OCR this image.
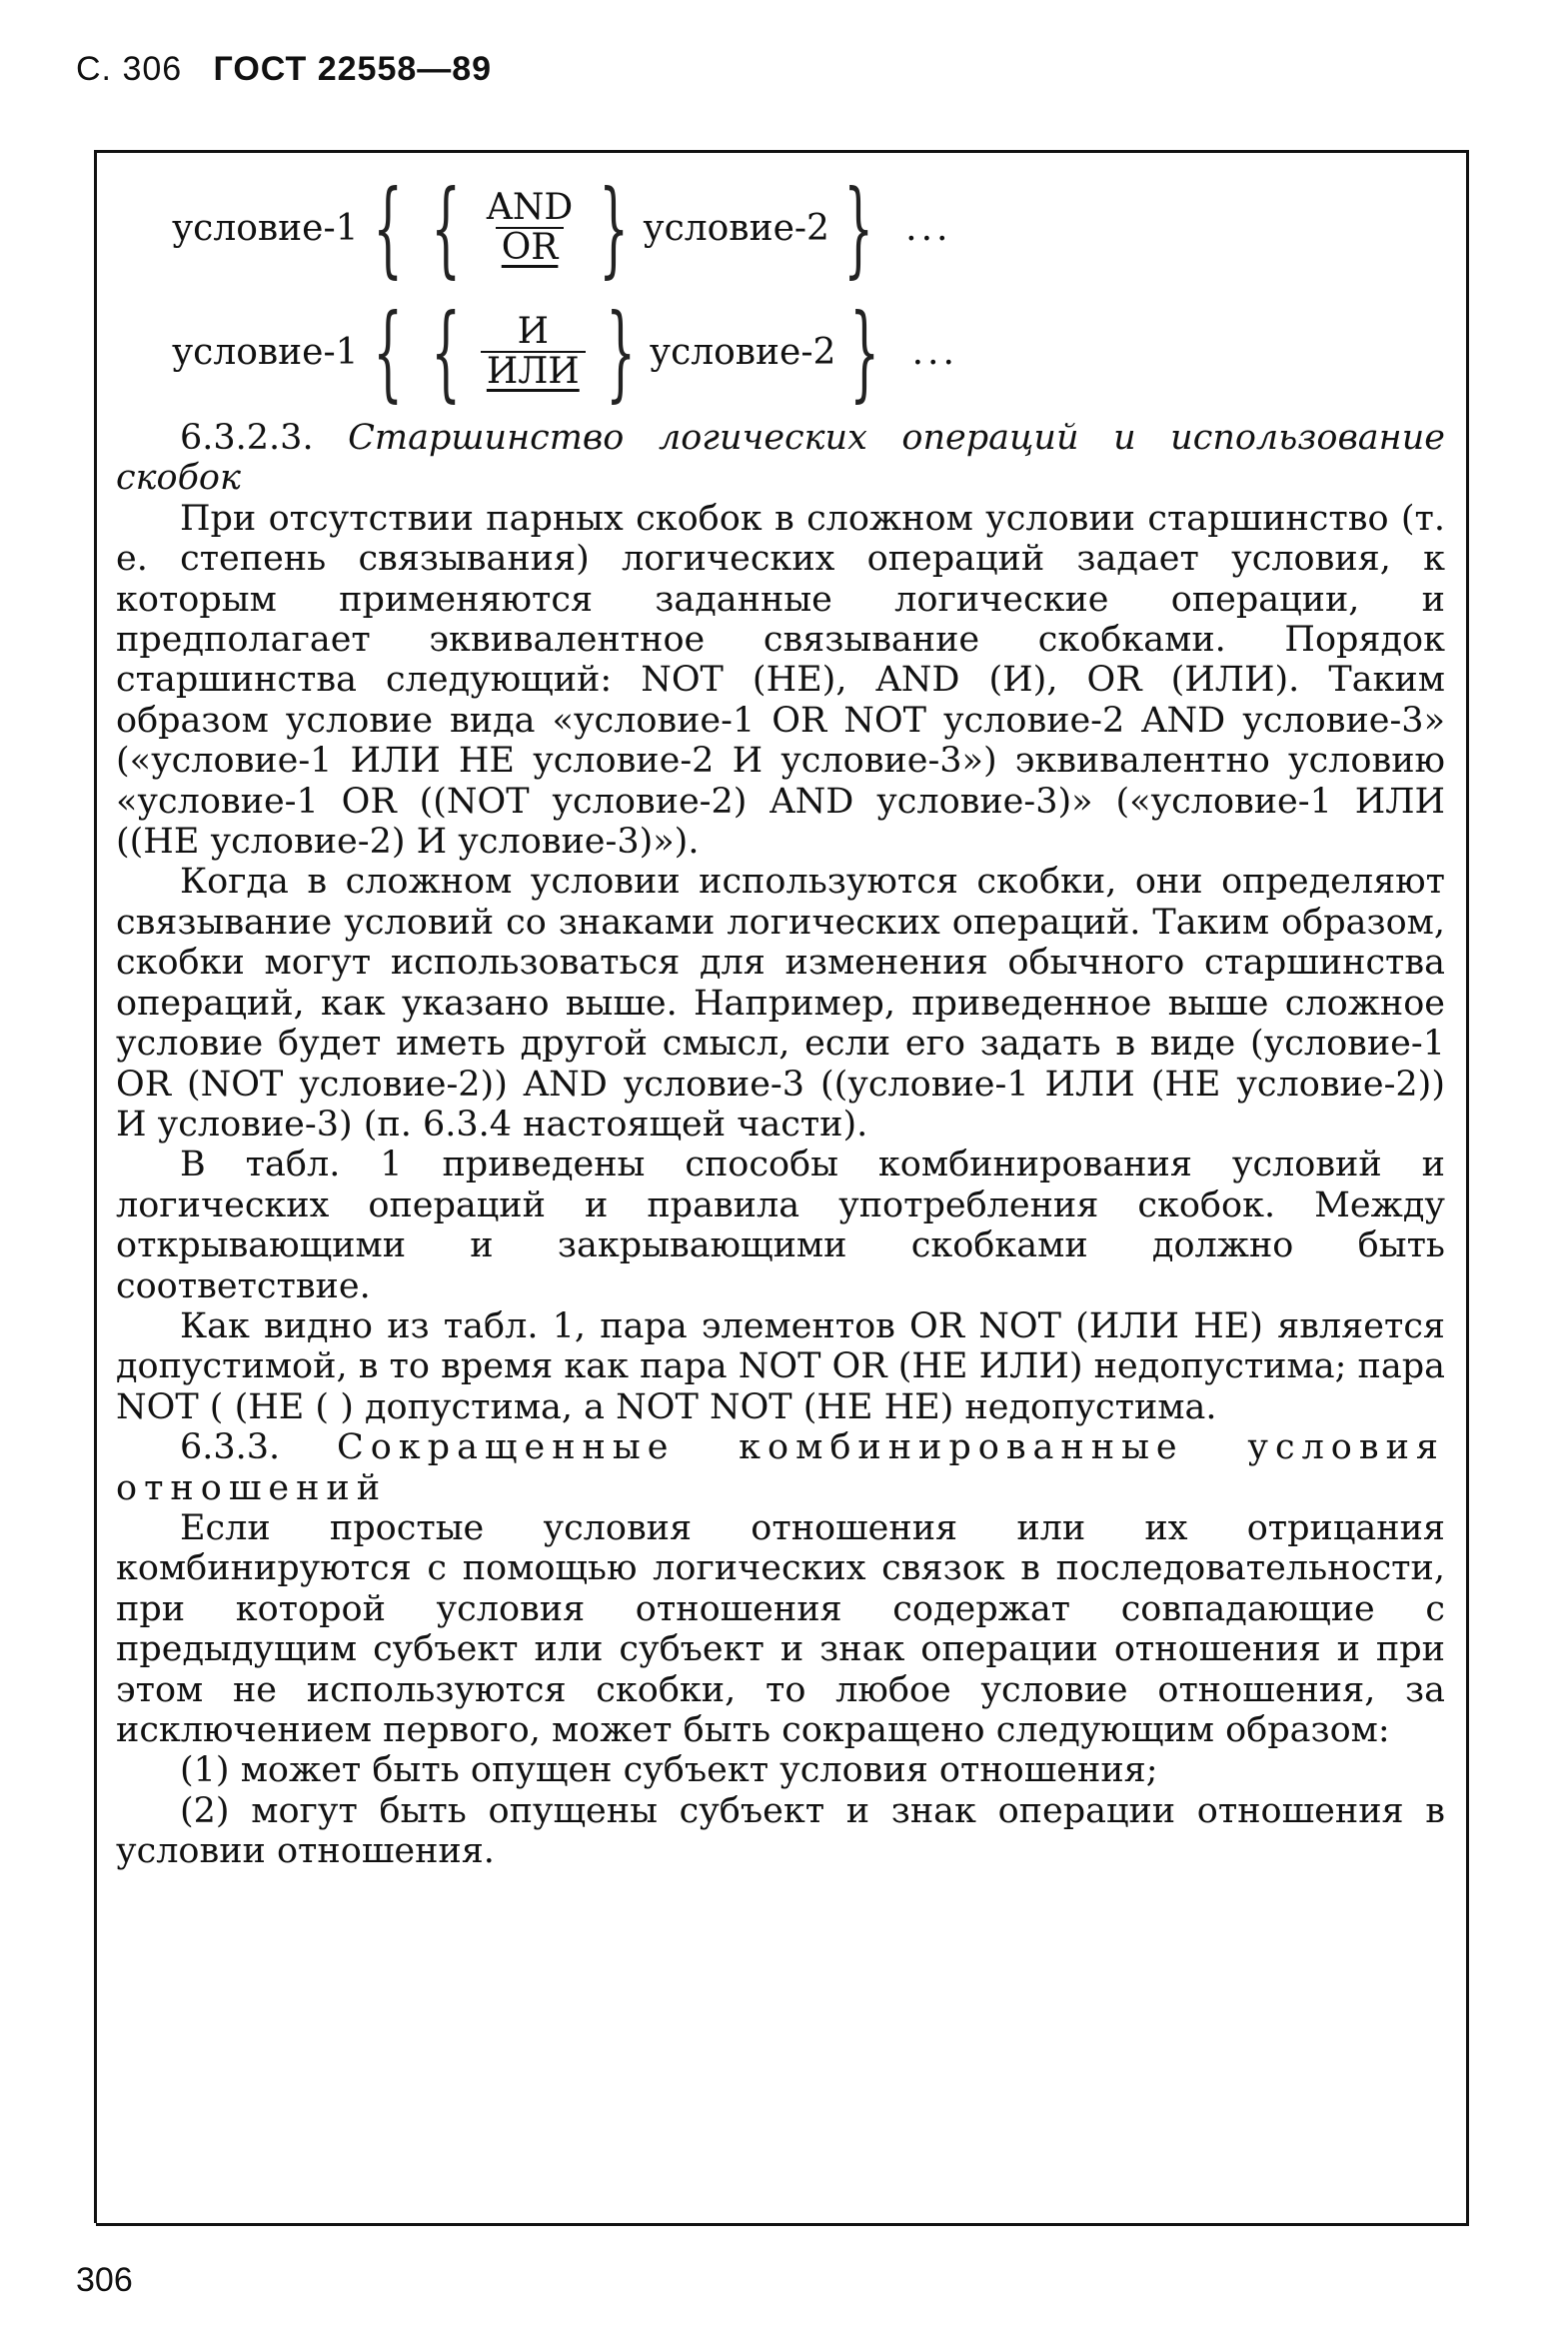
С. 306 ГОСТ 22558—89
условие-1 { { AND
OR } условие-2 } ...
условие-1 { { И
ИЛИ } условие-2 } ...

6.3.2.3. Старшинство логических операций и использование скобок

При отсутствии парных скобок в сложном условии старшинство (т. е. степень связывания) логических операций задает условия, к которым применяются заданные логические операции, и предполагает эквивалентное связывание скобками. Порядок старшинства следующий: NOT (НЕ), AND (И), OR (ИЛИ). Таким образом условие вида «условие-1 OR NOT условие-2 AND условие-3» («условие-1 ИЛИ НЕ условие-2 И условие-3») эквивалентно условию «условие-1 OR ((NOT условие-2) AND условие-3)» («условие-1 ИЛИ ((НЕ условие-2) И условие-3)»).

Когда в сложном условии используются скобки, они определяют связывание условий со знаками логических операций. Таким образом, скобки могут использоваться для изменения обычного старшинства операций, как указано выше. Например, приведенное выше сложное условие будет иметь другой смысл, если его задать в виде (условие-1 OR (NOT условие-2)) AND условие-3 ((условие-1 ИЛИ (НЕ условие-2)) И условие-3) (п. 6.3.4 настоящей части).

В табл. 1 приведены способы комбинирования условий и логических операций и правила употребления скобок. Между открывающими и закрывающими скобками должно быть соответствие.

Как видно из табл. 1, пара элементов OR NOT (ИЛИ НЕ) является допустимой, в то время как пара NOT OR (НЕ ИЛИ) недопустима; пара NOT ( (НЕ ( ) допустима, а NOT NOT (НЕ НЕ) недопустима.

6.3.3. Сокращенные комбинированные условия отношений

Если простые условия отношения или их отрицания комбинируются с помощью логических связок в последовательности, при которой условия отношения содержат совпадающие с предыдущим субъект или субъект и знак операции отношения и при этом не используются скобки, то любое условие отношения, за исключением первого, может быть сокращено следующим образом:

(1) может быть опущен субъект условия отношения;

(2) могут быть опущены субъект и знак операции отношения в условии отношения.

306
